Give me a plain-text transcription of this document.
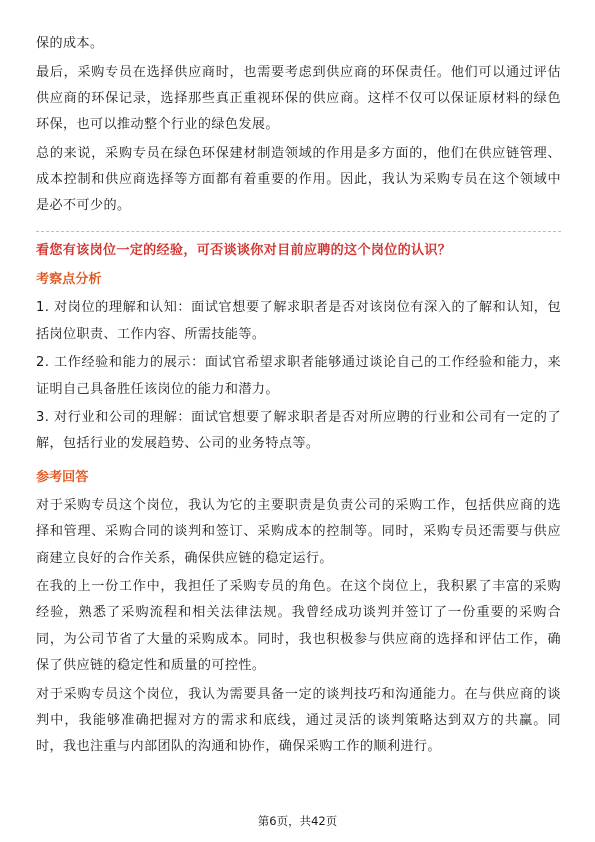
保的成本。

最后，采购专员在选择供应商时，也需要考虑到供应商的环保责任。他们可以通过评估供应商的环保记录，选择那些真正重视环保的供应商。这样不仅可以保证原材料的绿色环保，也可以推动整个行业的绿色发展。

总的来说，采购专员在绿色环保建材制造领域的作用是多方面的，他们在供应链管理、成本控制和供应商选择等方面都有着重要的作用。因此，我认为采购专员在这个领域中是必不可少的。

看您有该岗位一定的经验，可否谈谈你对目前应聘的这个岗位的认识？
考察点分析

1. 对岗位的理解和认知：面试官想要了解求职者是否对该岗位有深入的了解和认知，包括岗位职责、工作内容、所需技能等。

2. 工作经验和能力的展示：面试官希望求职者能够通过谈论自己的工作经验和能力，来证明自己具备胜任该岗位的能力和潜力。

3. 对行业和公司的理解：面试官想要了解求职者是否对所应聘的行业和公司有一定的了解，包括行业的发展趋势、公司的业务特点等。

参考回答

对于采购专员这个岗位，我认为它的主要职责是负责公司的采购工作，包括供应商的选择和管理、采购合同的谈判和签订、采购成本的控制等。同时，采购专员还需要与供应商建立良好的合作关系，确保供应链的稳定运行。

在我的上一份工作中，我担任了采购专员的角色。在这个岗位上，我积累了丰富的采购经验，熟悉了采购流程和相关法律法规。我曾经成功谈判并签订了一份重要的采购合同，为公司节省了大量的采购成本。同时，我也积极参与供应商的选择和评估工作，确保了供应链的稳定性和质量的可控性。

对于采购专员这个岗位，我认为需要具备一定的谈判技巧和沟通能力。在与供应商的谈判中，我能够准确把握对方的需求和底线，通过灵活的谈判策略达到双方的共赢。同时，我也注重与内部团队的沟通和协作，确保采购工作的顺利进行。

第6页，共42页
